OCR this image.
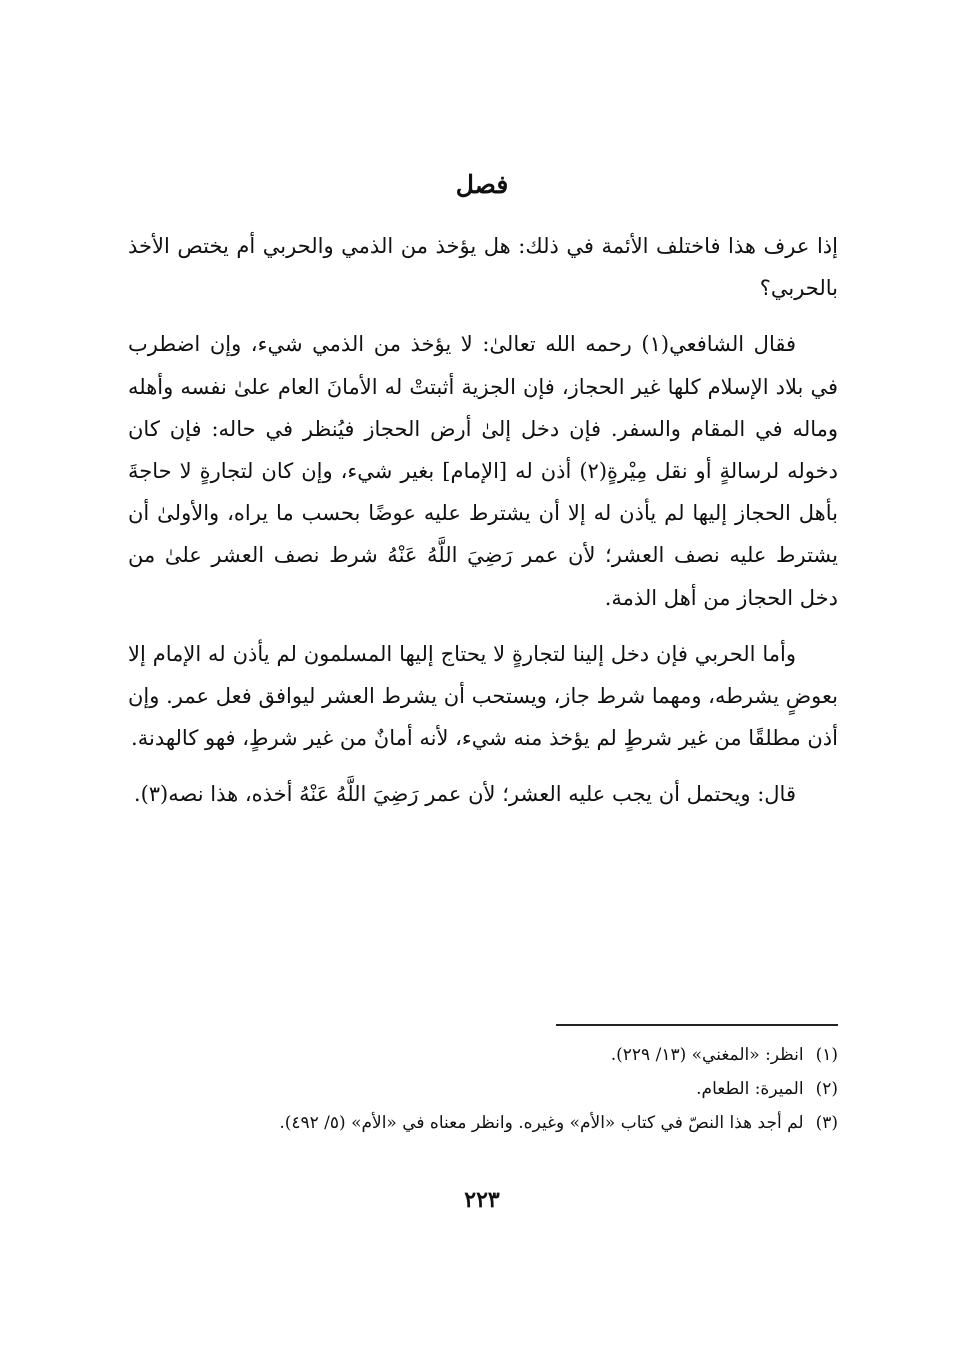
فصل

إذا عرف هذا فاختلف الأئمة في ذلك: هل يؤخذ من الذمي والحربي أم يختص الأخذ بالحربي؟

فقال الشافعي(١) رحمه الله تعالىٰ: لا يؤخذ من الذمي شيء، وإن اضطرب في بلاد الإسلام كلها غير الحجاز، فإن الجزية أثبتتْ له الأمانَ العام علىٰ نفسه وأهله وماله في المقام والسفر. فإن دخل إلىٰ أرض الحجاز فيُنظر في حاله: فإن كان دخوله لرسالةٍ أو نقل مِيْرةٍ(٢) أذن له [الإمام] بغير شيء، وإن كان لتجارةٍ لا حاجةَ بأهل الحجاز إليها لم يأذن له إلا أن يشترط عليه عوضًا بحسب ما يراه، والأولىٰ أن يشترط عليه نصف العشر؛ لأن عمر رَضِيَ اللَّهُ عَنْهُ شرط نصف العشر علىٰ من دخل الحجاز من أهل الذمة.

وأما الحربي فإن دخل إلينا لتجارةٍ لا يحتاج إليها المسلمون لم يأذن له الإمام إلا بعوضٍ يشرطه، ومهما شرط جاز، ويستحب أن يشرط العشر ليوافق فعل عمر. وإن أذن مطلقًا من غير شرطٍ لم يؤخذ منه شيء، لأنه أمانٌ من غير شرطٍ، فهو كالهدنة.

قال: ويحتمل أن يجب عليه العشر؛ لأن عمر رَضِيَ اللَّهُ عَنْهُ أخذه، هذا نصه(٣).

(١)انظر: «المغني» (١٣/ ٢٢٩).

(٢)الميرة: الطعام.

(٣)لم أجد هذا النصّ في كتاب «الأم» وغيره. وانظر معناه في «الأم» (٥/ ٤٩٢).

٢٢٣
